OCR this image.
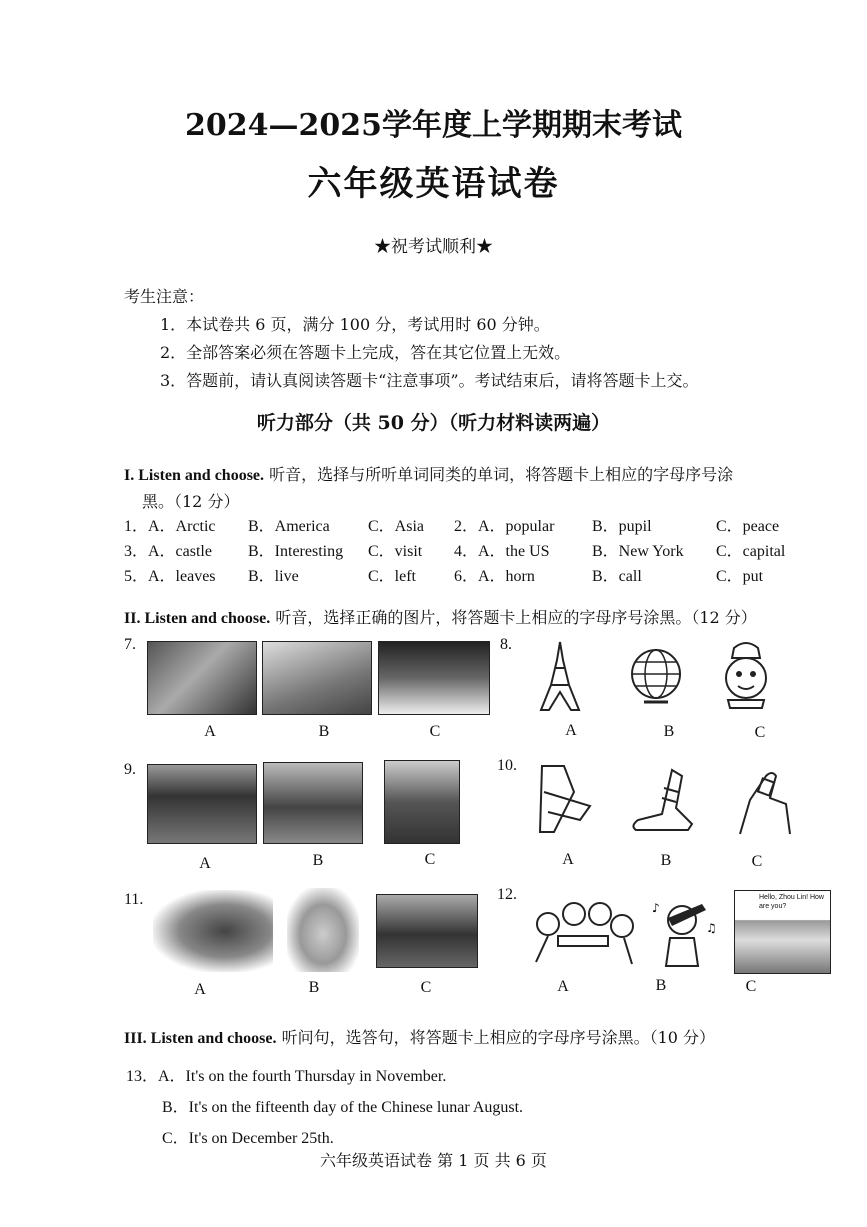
2024—2025学年度上学期期末考试
六年级英语试卷
★祝考试顺利★
考生注意：
1．本试卷共 6 页，满分 100 分，考试用时 60 分钟。
2．全部答案必须在答题卡上完成，答在其它位置上无效。
3．答题前，请认真阅读答题卡“注意事项”。考试结束后，请将答题卡上交。
听力部分（共 50 分）（听力材料读两遍）
I. Listen and choose. 听音，选择与所听单词同类的单词，将答题卡上相应的字母序号涂
黑。（12 分）
1．A．Arctic B．America C．Asia 2．A．popular B．pupil	C．peace
3．A．castle B．Interesting C．visit 4．A．the US	B．New York C．capital
5．A．leaves B．live	C．left 6．A．horn	B．call	C．put
II. Listen and choose. 听音，选择正确的图片，将答题卡上相应的字母序号涂黑。（12 分）
7.
A	B	C
8.
A	B	C
9.
A	B	C
10.
A	B	C
11.
A	B	C
12.
♪
♫
Hello, Zhou Lin! How are you?
A	B	C
III. Listen and choose. 听问句，选答句，将答题卡上相应的字母序号涂黑。（10 分）
13．A．It's on the fourth Thursday in November.
B．It's on the fifteenth day of the Chinese lunar August.
C．It's on December 25th.
六年级英语试卷 第 1 页 共 6 页
